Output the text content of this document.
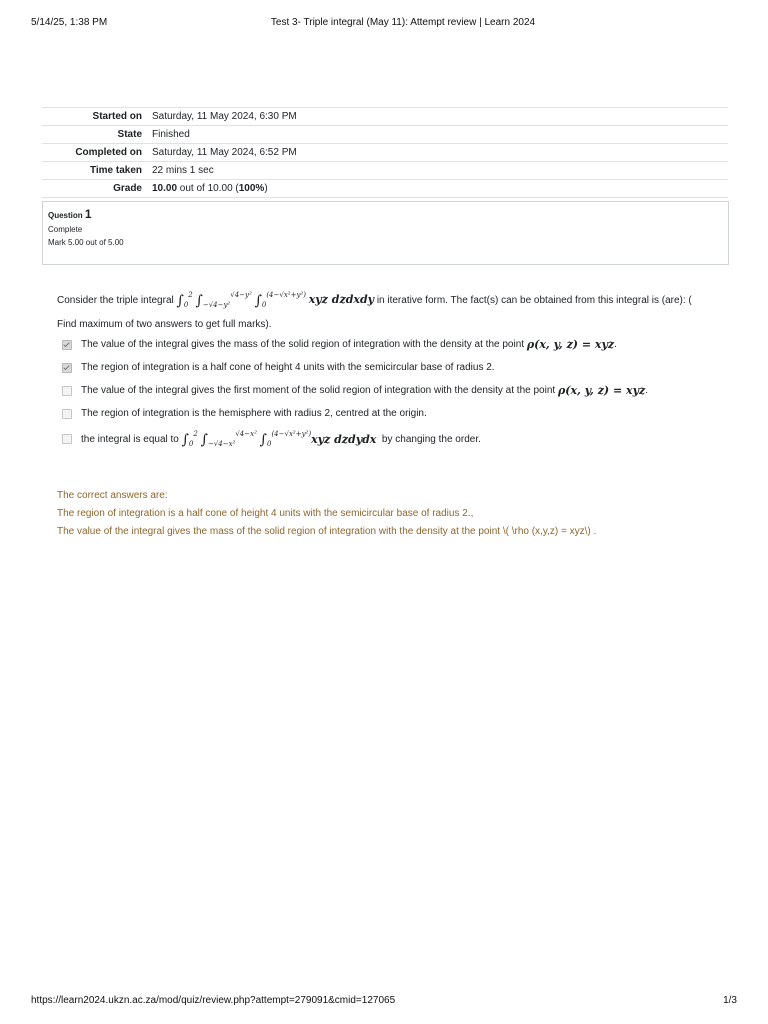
5/14/25, 1:38 PM	Test 3- Triple integral (May 11): Attempt review | Learn 2024
Started on	Saturday, 11 May 2024, 6:30 PM
State	Finished
Completed on	Saturday, 11 May 2024, 6:52 PM
Time taken	22 mins 1 sec
Grade	10.00 out of 10.00 (100%)
Question 1
Complete
Mark 5.00 out of 5.00
Consider the triple integral $\int_0^2$ $\int_{-√4-y^2}^{√4-y^2}$ $\int_0^{(4-√x^2+y^2)}$ xyz dzdxdy in iterative form. The fact(s) can be obtained from this integral is (are): (
Find maximum of two answers to get full marks).
The value of the integral gives the mass of the solid region of integration with the density at the point
ρ(x, y, z) = xyz .
The region of integration is a half cone of height 4 units with the semicircular base of radius 2.
The value of the integral gives the first moment of the solid region of integration with the density at the point
ρ(x, y, z) = xyz .
The region of integration is the hemisphere with radius 2, centred at the origin.
the integral is equal to
$\int_0^2$ $\int_{-√4-x^2}^{√4-x^2}$ $\int_0^{(4-√x^2+y^2)}$ xyz dzdydx by changing the order.
The correct answers are:
The region of integration is a half cone of height 4 units with the semicircular base of radius 2.,
The value of the integral gives the mass of the solid region of integration with the density at the point \( \rho (x,y,z) = xyz\) .
https://learn2024.ukzn.ac.za/mod/quiz/review.php?attempt=279091&cmid=127065	1/3
